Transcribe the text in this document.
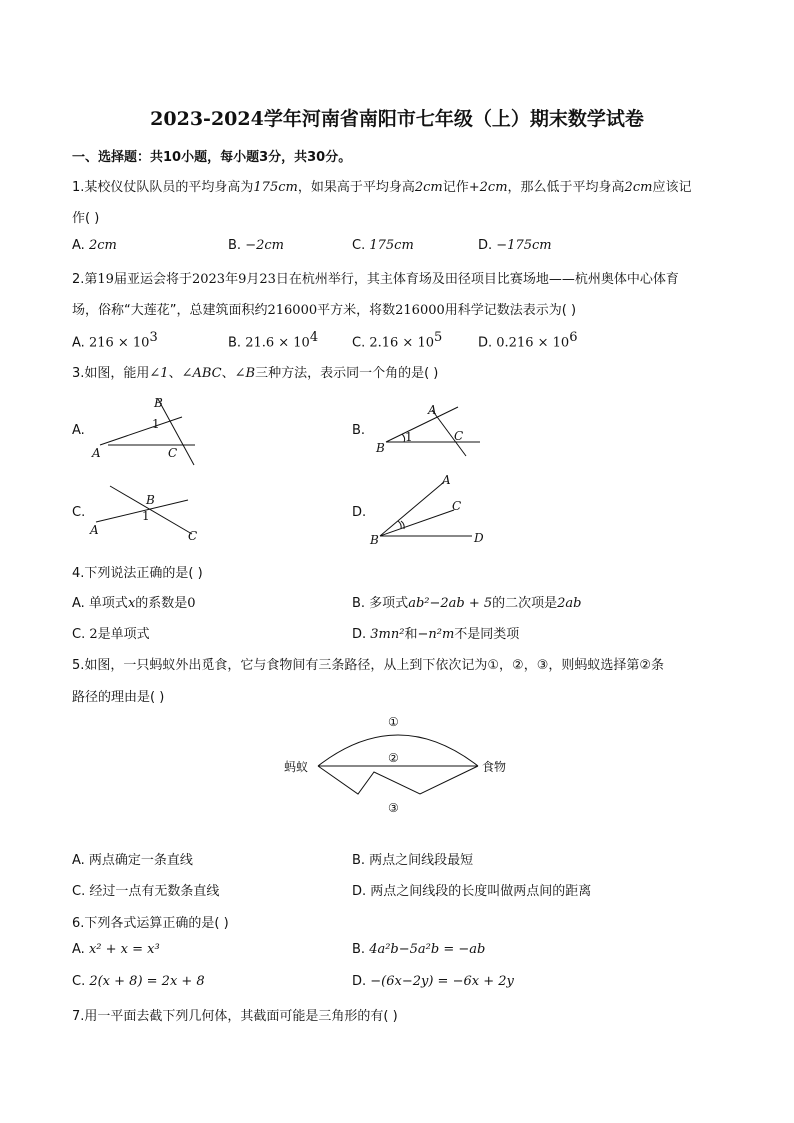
2023-2024学年河南省南阳市七年级（上）期末数学试卷
一、选择题：共10小题，每小题3分，共30分。
1.某校仪仗队队员的平均身高为175cm，如果高于平均身高2cm记作+2cm，那么低于平均身高2cm应该记
作( )
A. 2cm	B. −2cm	C. 175cm	D. −175cm
2.第19届亚运会将于2023年9月23日在杭州举行，其主体育场及田径项目比赛场地——杭州奥体中心体育
场，俗称“大莲花”，总建筑面积约216000平方米，将数216000用科学记数法表示为( )
A. $216 \times 10^3$	B. $21.6 \times 10^4$	C. $2.16 \times 10^5$	D. $0.216 \times 10^6$
3.如图，能用∠1、∠ABC、∠B三种方法，表示同一个角的是( )
A.
B
1
A	C
B.
A
1
B
C
C.
B
1
A	C
D.
A
C
B	D
4.下列说法正确的是( )
A. 单项式x的系数是0	B. 多项式ab²−2ab + 5的二次项是2ab
C. 2是单项式	D. 3mn²和−n²m不是同类项
5.如图，一只蚂蚁外出觅食，它与食物间有三条路径，从上到下依次记为①，②，③，则蚂蚁选择第②条
路径的理由是( )
①
②
③
蚂蚁	食物
A. 两点确定一条直线	B. 两点之间线段最短
C. 经过一点有无数条直线	D. 两点之间线段的长度叫做两点间的距离
6.下列各式运算正确的是( )
A. x² + x = x³	B. 4a²b−5a²b = −ab
C. 2(x + 8) = 2x + 8	D. −(6x−2y) = −6x + 2y
7.用一平面去截下列几何体，其截面可能是三角形的有( )
